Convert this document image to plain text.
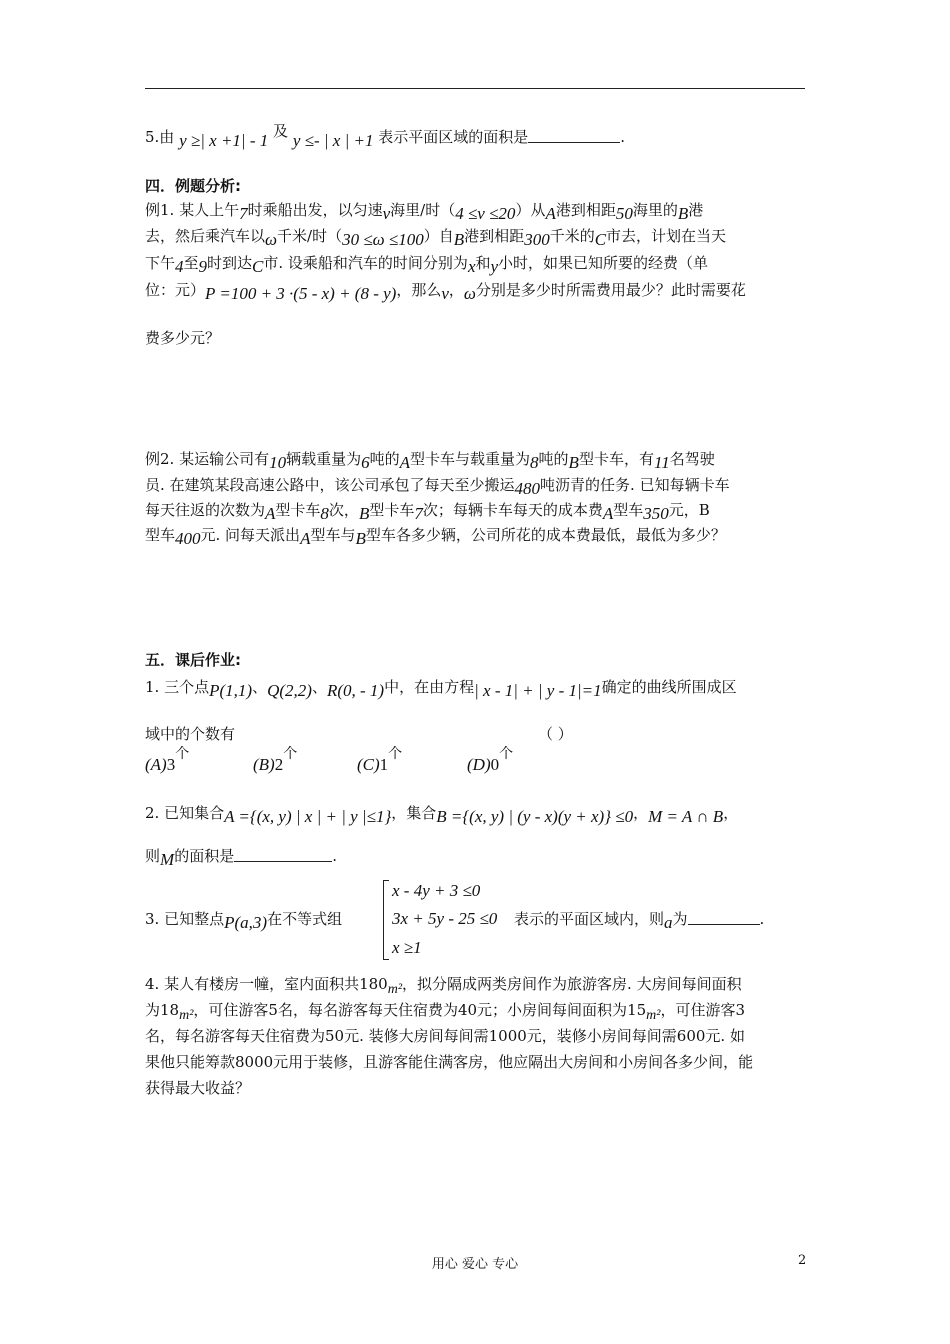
5.由 y ≥| x +1| - 1 及 y ≤- | x | +1 表示平面区域的面积是	.
四．例题分析:
例1. 某人上午7时乘船出发，以匀速v海里/时（4 ≤v ≤20）从A港到相距50海里的B港
去，然后乘汽车以ω千米/时（30 ≤ω ≤100）自B港到相距300千米的C市去，计划在当天
下午4至9时到达C市. 设乘船和汽车的时间分别为x和y小时，如果已知所要的经费（单
位：元）P =100 + 3 ·(5 - x) + (8 - y)，那么v，ω分别是多少时所需费用最少？此时需要花
费多少元？
例2. 某运输公司有10辆载重量为6吨的A型卡车与载重量为8吨的B型卡车，有11名驾驶
员. 在建筑某段高速公路中，该公司承包了每天至少搬运480吨沥青的任务. 已知每辆卡车
每天往返的次数为A型卡车8次，B型卡车7次；每辆卡车每天的成本费A型车350元，B
型车400元. 问每天派出A型车与B型车各多少辆，公司所花的成本费最低，最低为多少？
五．课后作业:
1. 三个点P(1,1)、Q(2,2)、R(0, - 1)中，在由方程| x - 1| + | y - 1|=1确定的曲线所围成区
域中的个数有	（ ）
(A)3个
(B)2个
(C)1个
(D)0个
2. 已知集合A ={(x, y) | x | + | y |≤1}，集合B ={(x, y) | (y - x)(y + x)} ≤0，M = A ∩ B，
则M的面积是	.
3. 已知整点P(a,3)在不等式组
x - 4y + 3 ≤0
3x + 5y - 25 ≤0
x ≥1
表示的平面区域内，则a为	.
4. 某人有楼房一幢，室内面积共180m²，拟分隔成两类房间作为旅游客房. 大房间每间面积
为18m²，可住游客5名，每名游客每天住宿费为40元；小房间每间面积为15m²，可住游客3
名，每名游客每天住宿费为50元. 装修大房间每间需1000元，装修小房间每间需600元. 如
果他只能筹款8000元用于装修，且游客能住满客房，他应隔出大房间和小房间各多少间，能
获得最大收益？
用心 爱心 专心	2
